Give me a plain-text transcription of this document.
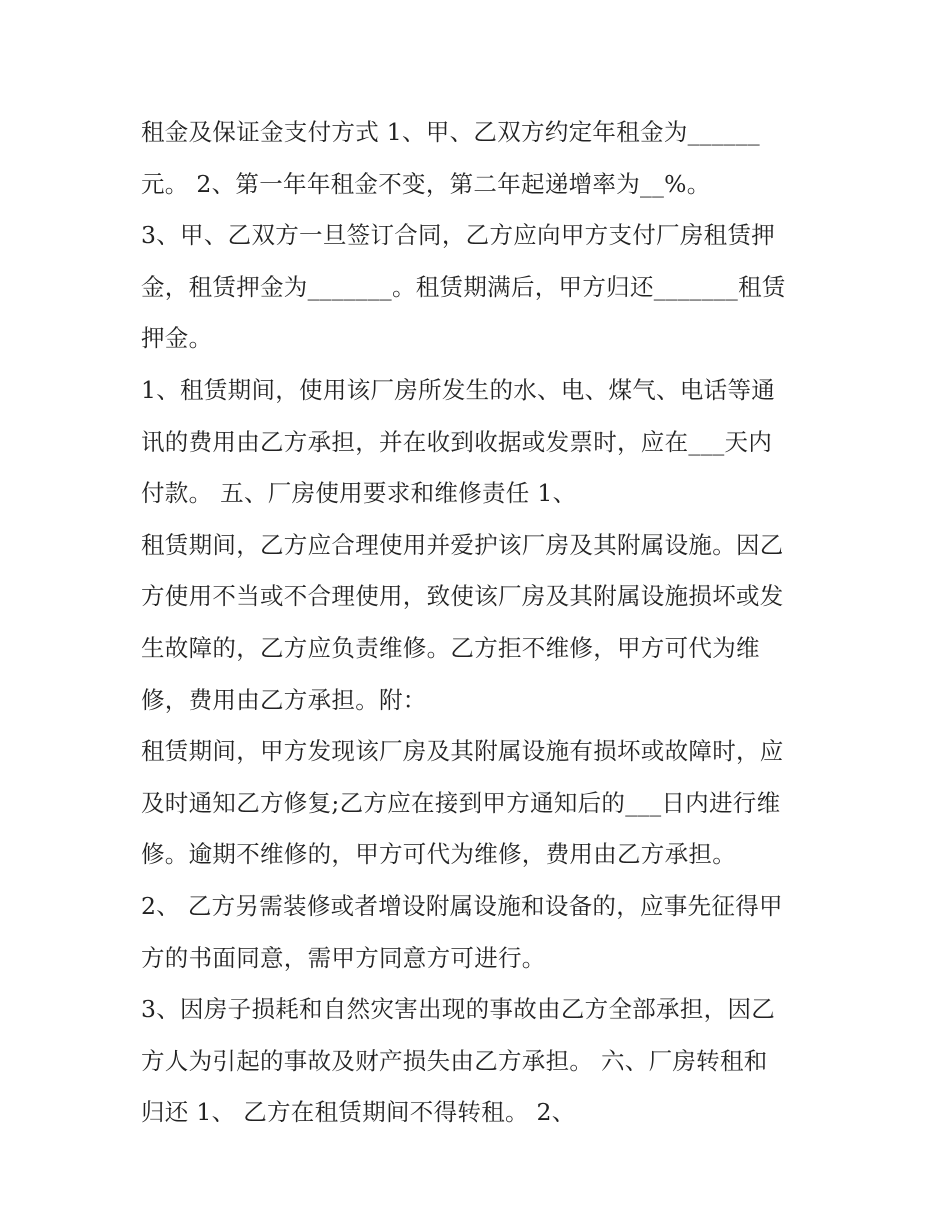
租金及保证金支付方式 1、甲、乙双方约定年租金为______
元。 2、第一年年租金不变，第二年起递增率为__%。
3、甲、乙双方一旦签订合同，乙方应向甲方支付厂房租赁押
金，租赁押金为_______。租赁期满后，甲方归还_______租赁
押金。
1、租赁期间，使用该厂房所发生的水、电、煤气、电话等通
讯的费用由乙方承担，并在收到收据或发票时，应在___天内
付款。 五、厂房使用要求和维修责任 1、
租赁期间，乙方应合理使用并爱护该厂房及其附属设施。因乙
方使用不当或不合理使用，致使该厂房及其附属设施损坏或发
生故障的，乙方应负责维修。乙方拒不维修，甲方可代为维
修，费用由乙方承担。附：
租赁期间，甲方发现该厂房及其附属设施有损坏或故障时，应
及时通知乙方修复;乙方应在接到甲方通知后的___日内进行维
修。逾期不维修的，甲方可代为维修，费用由乙方承担。
2、 乙方另需装修或者增设附属设施和设备的，应事先征得甲
方的书面同意，需甲方同意方可进行。
3、因房子损耗和自然灾害出现的事故由乙方全部承担，因乙
方人为引起的事故及财产损失由乙方承担。 六、厂房转租和
归还 1、 乙方在租赁期间不得转租。 2、
